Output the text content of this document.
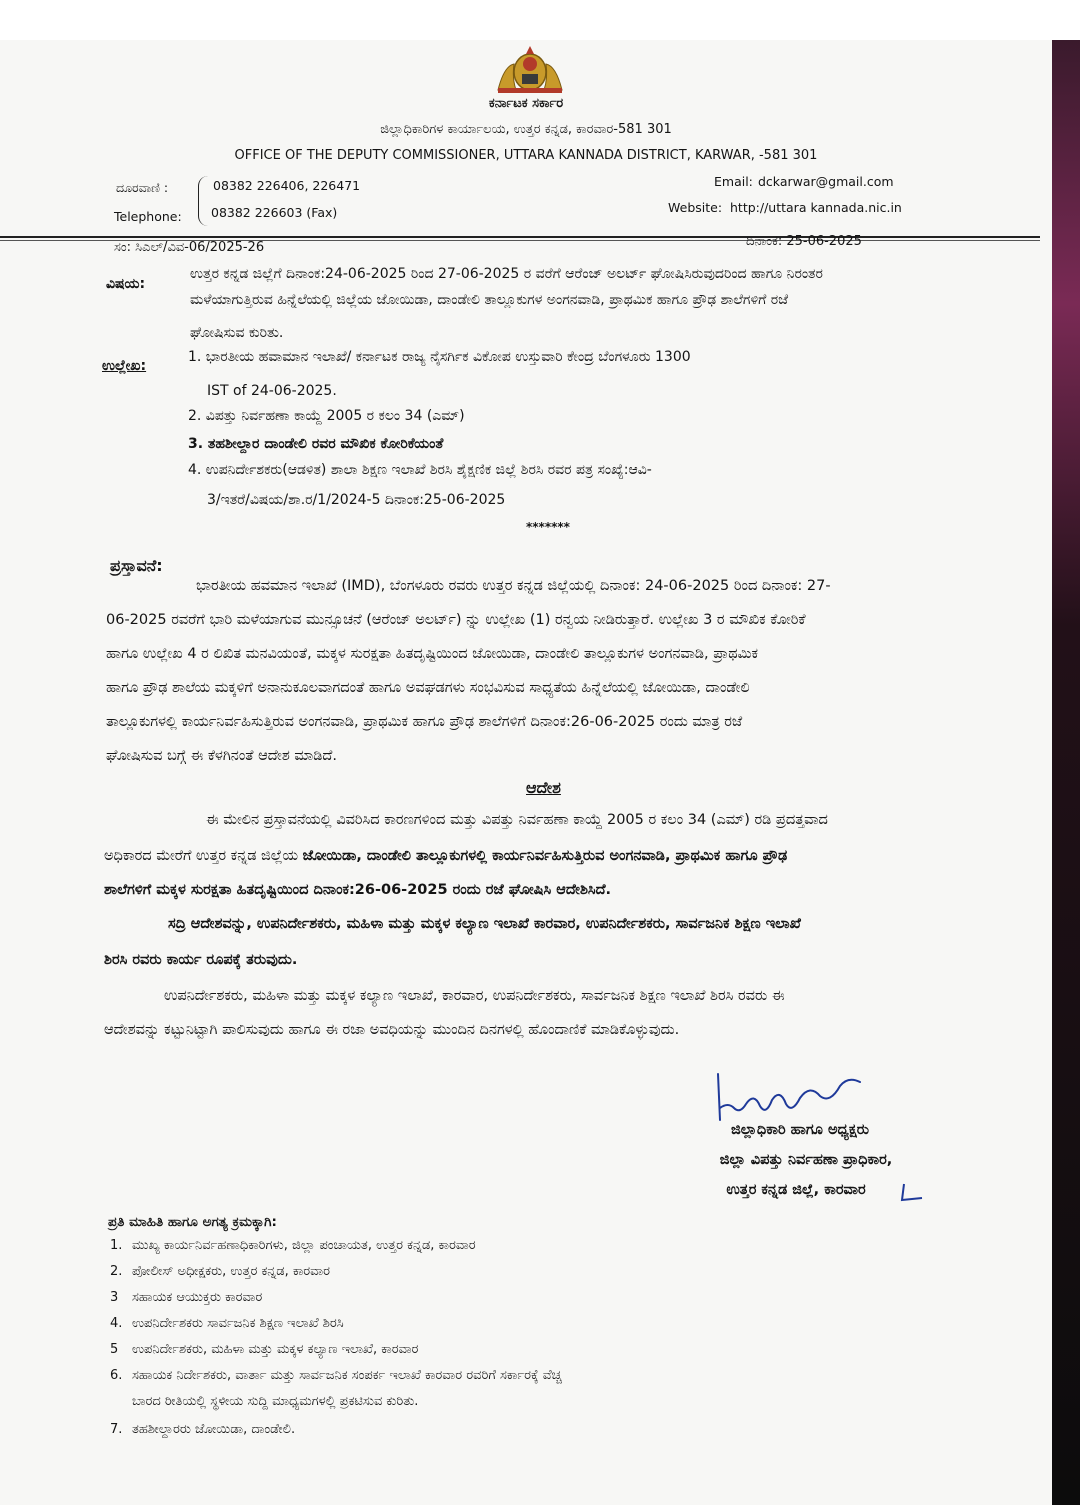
ಕರ್ನಾಟಕ ಸರ್ಕಾರ
ಜಿಲ್ಲಾಧಿಕಾರಿಗಳ ಕಾರ್ಯಾಲಯ, ಉತ್ತರ ಕನ್ನಡ, ಕಾರವಾರ-581 301
OFFICE OF THE DEPUTY COMMISSIONER, UTTARA KANNADA DISTRICT, KARWAR, -581 301
ದೂರವಾಣಿ :
Telephone:
08382 226406, 226471
08382 226603 (Fax)
Email: dckarwar@gmail.com
Website: http://uttara kannada.nic.in
ಸಂ: ಸಿಎಲ್/ವಿವ-06/2025-26	ದಿನಾಂಕ: 25-06-2025
ವಿಷಯ:
ಉತ್ತರ ಕನ್ನಡ ಜಿಲ್ಲೆಗೆ ದಿನಾಂಕ:24-06-2025 ರಿಂದ 27-06-2025 ರ ವರೆಗೆ ಆರೆಂಜ್ ಅಲರ್ಟ್ ಘೋಷಿಸಿರುವುದರಿಂದ ಹಾಗೂ ನಿರಂತರ
ಮಳೆಯಾಗುತ್ತಿರುವ ಹಿನ್ನೆಲೆಯಲ್ಲಿ ಜಿಲ್ಲೆಯ ಜೋಯಿಡಾ, ದಾಂಡೇಲಿ ತಾಲ್ಲೂಕುಗಳ ಅಂಗನವಾಡಿ, ಪ್ರಾಥಮಿಕ ಹಾಗೂ ಪ್ರೌಢ ಶಾಲೆಗಳಿಗೆ ರಜೆ
ಘೋಷಿಸುವ ಕುರಿತು.
ಉಲ್ಲೇಖ:
1. ಭಾರತೀಯ ಹವಾಮಾನ ಇಲಾಖೆ/ ಕರ್ನಾಟಕ ರಾಜ್ಯ ನೈಸರ್ಗಿಕ ವಿಕೋಪ ಉಸ್ತುವಾರಿ ಕೇಂದ್ರ ಬೆಂಗಳೂರು 1300
IST of 24-06-2025.
2. ವಿಪತ್ತು ನಿರ್ವಹಣಾ ಕಾಯ್ದೆ 2005 ರ ಕಲಂ 34 (ಎಮ್)
3. ತಹಶೀಲ್ದಾರ ದಾಂಡೇಲಿ ರವರ ಮೌಖಿಕ ಕೋರಿಕೆಯಂತೆ
4. ಉಪನಿರ್ದೇಶಕರು(ಆಡಳಿತ) ಶಾಲಾ ಶಿಕ್ಷಣ ಇಲಾಖೆ ಶಿರಸಿ ಶೈಕ್ಷಣಿಕ ಜಿಲ್ಲೆ ಶಿರಸಿ ರವರ ಪತ್ರ ಸಂಖ್ಯೆ:ಆವಿ-
3/ಇತರೆ/ವಿಷಯ/ಶಾ.ರ/1/2024-5 ದಿನಾಂಕ:25-06-2025
*******
ಪ್ರಸ್ತಾವನೆ:
ಭಾರತೀಯ ಹವಮಾನ ಇಲಾಖೆ (IMD), ಬೆಂಗಳೂರು ರವರು ಉತ್ತರ ಕನ್ನಡ ಜಿಲ್ಲೆಯಲ್ಲಿ ದಿನಾಂಕ: 24-06-2025 ರಿಂದ ದಿನಾಂಕ: 27-
06-2025 ರವರೆಗೆ ಭಾರಿ ಮಳೆಯಾಗುವ ಮುನ್ಸೂಚನೆ (ಆರೆಂಜ್ ಅಲರ್ಟ್) ನ್ನು ಉಲ್ಲೇಖ (1) ರನ್ವಯ ನೀಡಿರುತ್ತಾರೆ. ಉಲ್ಲೇಖ 3 ರ ಮೌಖಿಕ ಕೋರಿಕೆ
ಹಾಗೂ ಉಲ್ಲೇಖ 4 ರ ಲಿಖಿತ ಮನವಿಯಂತೆ, ಮಕ್ಕಳ ಸುರಕ್ಷತಾ ಹಿತದೃಷ್ಟಿಯಿಂದ ಜೋಯಿಡಾ, ದಾಂಡೇಲಿ ತಾಲ್ಲೂಕುಗಳ ಅಂಗನವಾಡಿ, ಪ್ರಾಥಮಿಕ
ಹಾಗೂ ಪ್ರೌಢ ಶಾಲೆಯ ಮಕ್ಕಳಿಗೆ ಅನಾನುಕೂಲವಾಗದಂತೆ ಹಾಗೂ ಅವಘಡಗಳು ಸಂಭವಿಸುವ ಸಾಧ್ಯತೆಯ ಹಿನ್ನೆಲೆಯಲ್ಲಿ ಜೋಯಿಡಾ, ದಾಂಡೇಲಿ
ತಾಲ್ಲೂಕುಗಳಲ್ಲಿ ಕಾರ್ಯನಿರ್ವಹಿಸುತ್ತಿರುವ ಅಂಗನವಾಡಿ, ಪ್ರಾಥಮಿಕ ಹಾಗೂ ಪ್ರೌಢ ಶಾಲೆಗಳಿಗೆ ದಿನಾಂಕ:26-06-2025 ರಂದು ಮಾತ್ರ ರಜೆ
ಘೋಷಿಸುವ ಬಗ್ಗೆ ಈ ಕೆಳಗಿನಂತೆ ಆದೇಶ ಮಾಡಿದೆ.
ಆದೇಶ
ಈ ಮೇಲಿನ ಪ್ರಸ್ತಾವನೆಯಲ್ಲಿ ವಿವರಿಸಿದ ಕಾರಣಗಳಿಂದ ಮತ್ತು ವಿಪತ್ತು ನಿರ್ವಹಣಾ ಕಾಯ್ದೆ 2005 ರ ಕಲಂ 34 (ಎಮ್) ರಡಿ ಪ್ರದತ್ತವಾದ
ಅಧಿಕಾರದ ಮೇರೆಗೆ ಉತ್ತರ ಕನ್ನಡ ಜಿಲ್ಲೆಯ ಜೋಯಿಡಾ, ದಾಂಡೇಲಿ ತಾಲ್ಲೂಕುಗಳಲ್ಲಿ ಕಾರ್ಯನಿರ್ವಹಿಸುತ್ತಿರುವ ಅಂಗನವಾಡಿ, ಪ್ರಾಥಮಿಕ ಹಾಗೂ ಪ್ರೌಢ
ಶಾಲೆಗಳಿಗೆ ಮಕ್ಕಳ ಸುರಕ್ಷತಾ ಹಿತದೃಷ್ಟಿಯಿಂದ ದಿನಾಂಕ:26-06-2025 ರಂದು ರಜೆ ಘೋಷಿಸಿ ಆದೇಶಿಸಿದೆ.
ಸದ್ರಿ ಆದೇಶವನ್ನು, ಉಪನಿರ್ದೇಶಕರು, ಮಹಿಳಾ ಮತ್ತು ಮಕ್ಕಳ ಕಲ್ಯಾಣ ಇಲಾಖೆ ಕಾರವಾರ, ಉಪನಿರ್ದೇಶಕರು, ಸಾರ್ವಜನಿಕ ಶಿಕ್ಷಣ ಇಲಾಖೆ
ಶಿರಸಿ ರವರು ಕಾರ್ಯ ರೂಪಕ್ಕೆ ತರುವುದು.
ಉಪನಿರ್ದೇಶಕರು, ಮಹಿಳಾ ಮತ್ತು ಮಕ್ಕಳ ಕಲ್ಯಾಣ ಇಲಾಖೆ, ಕಾರವಾರ, ಉಪನಿರ್ದೇಶಕರು, ಸಾರ್ವಜನಿಕ ಶಿಕ್ಷಣ ಇಲಾಖೆ ಶಿರಸಿ ರವರು ಈ
ಆದೇಶವನ್ನು ಕಟ್ಟುನಿಟ್ಟಾಗಿ ಪಾಲಿಸುವುದು ಹಾಗೂ ಈ ರಜಾ ಅವಧಿಯನ್ನು ಮುಂದಿನ ದಿನಗಳಲ್ಲಿ ಹೊಂದಾಣಿಕೆ ಮಾಡಿಕೊಳ್ಳುವುದು.
ಜಿಲ್ಲಾಧಿಕಾರಿ ಹಾಗೂ ಅಧ್ಯಕ್ಷರು
ಜಿಲ್ಲಾ ವಿಪತ್ತು ನಿರ್ವಹಣಾ ಪ್ರಾಧಿಕಾರ,
ಉತ್ತರ ಕನ್ನಡ ಜಿಲ್ಲೆ, ಕಾರವಾರ
ಪ್ರತಿ ಮಾಹಿತಿ ಹಾಗೂ ಅಗತ್ಯ ಕ್ರಮಕ್ಕಾಗಿ:
1. ಮುಖ್ಯ ಕಾರ್ಯನಿರ್ವಹಣಾಧಿಕಾರಿಗಳು, ಜಿಲ್ಲಾ ಪಂಚಾಯತ, ಉತ್ತರ ಕನ್ನಡ, ಕಾರವಾರ
2. ಪೋಲೀಸ್ ಅಧೀಕ್ಷಕರು, ಉತ್ತರ ಕನ್ನಡ, ಕಾರವಾರ
3 ಸಹಾಯಕ ಆಯುಕ್ತರು ಕಾರವಾರ
4. ಉಪನಿರ್ದೇಶಕರು ಸಾರ್ವಜನಿಕ ಶಿಕ್ಷಣ ಇಲಾಖೆ ಶಿರಸಿ
5 ಉಪನಿರ್ದೇಶಕರು, ಮಹಿಳಾ ಮತ್ತು ಮಕ್ಕಳ ಕಲ್ಯಾಣ ಇಲಾಖೆ, ಕಾರವಾರ
6. ಸಹಾಯಕ ನಿರ್ದೇಶಕರು, ವಾರ್ತಾ ಮತ್ತು ಸಾರ್ವಜನಿಕ ಸಂಪರ್ಕ ಇಲಾಖೆ ಕಾರವಾರ ರವರಿಗೆ ಸರ್ಕಾರಕ್ಕೆ ವೆಚ್ಚ
ಬಾರದ ರೀತಿಯಲ್ಲಿ ಸ್ಥಳೀಯ ಸುದ್ದಿ ಮಾಧ್ಯಮಗಳಲ್ಲಿ ಪ್ರಕಟಿಸುವ ಕುರಿತು.
7. ತಹಶೀಲ್ದಾರರು ಜೋಯಿಡಾ, ದಾಂಡೇಲಿ.
